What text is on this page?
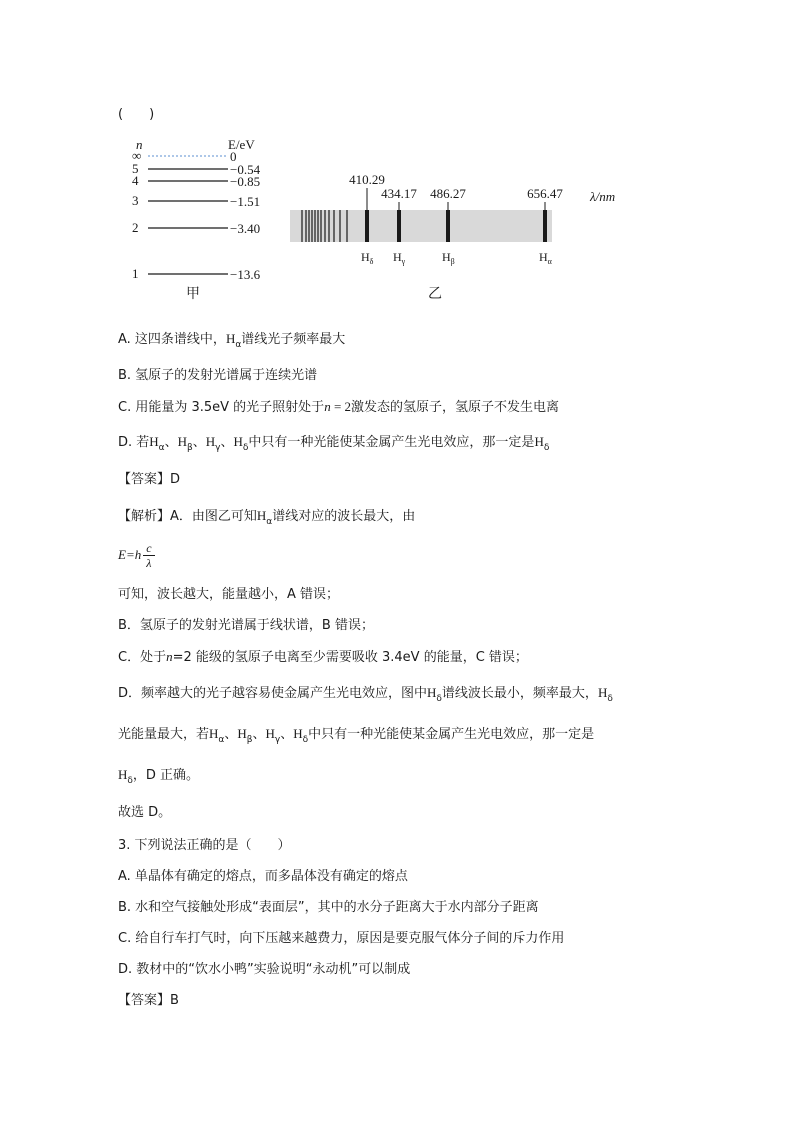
(　　)
n	E/eV
∞	0
5	−0.54
4	−0.85
3	−1.51
2	−3.40
1	−13.6
甲
410.29
$H_\delta$
434.17
$H_\gamma$
486.27
$H_\beta$
656.47
$H_\alpha$
λ/nm
乙
A. 这四条谱线中，$H_\alpha$谱线光子频率最大
B. 氢原子的发射光谱属于连续光谱
C. 用能量为 3.5eV 的光子照射处于n = 2激发态的氢原子，氢原子不发生电离
D. 若$H_\alpha$、$H_\beta$、$H_\gamma$、$H_\delta$中只有一种光能使某金属产生光电效应，那一定是$H_\delta$
【答案】D
【解析】A．由图乙可知$H_\alpha$谱线对应的波长最大，由
$E=h \frac{c}{\lambda}$
可知，波长越大，能量越小，A 错误；
B．氢原子的发射光谱属于线状谱，B 错误；
C．处于n=2 能级的氢原子电离至少需要吸收 3.4eV 的能量，C 错误；
D．频率越大的光子越容易使金属产生光电效应，图中$H_\delta$谱线波长最小，频率最大，$H_\delta$
光能量最大，若$H_\alpha$、$H_\beta$、$H_\gamma$、$H_\delta$中只有一种光能使某金属产生光电效应，那一定是
$H_\delta$，D 正确。
故选 D。
3. 下列说法正确的是（　　）
A. 单晶体有确定的熔点，而多晶体没有确定的熔点
B. 水和空气接触处形成“表面层”，其中的水分子距离大于水内部分子距离
C. 给自行车打气时，向下压越来越费力，原因是要克服气体分子间的斥力作用
D. 教材中的“饮水小鸭”实验说明“永动机”可以制成
【答案】B
